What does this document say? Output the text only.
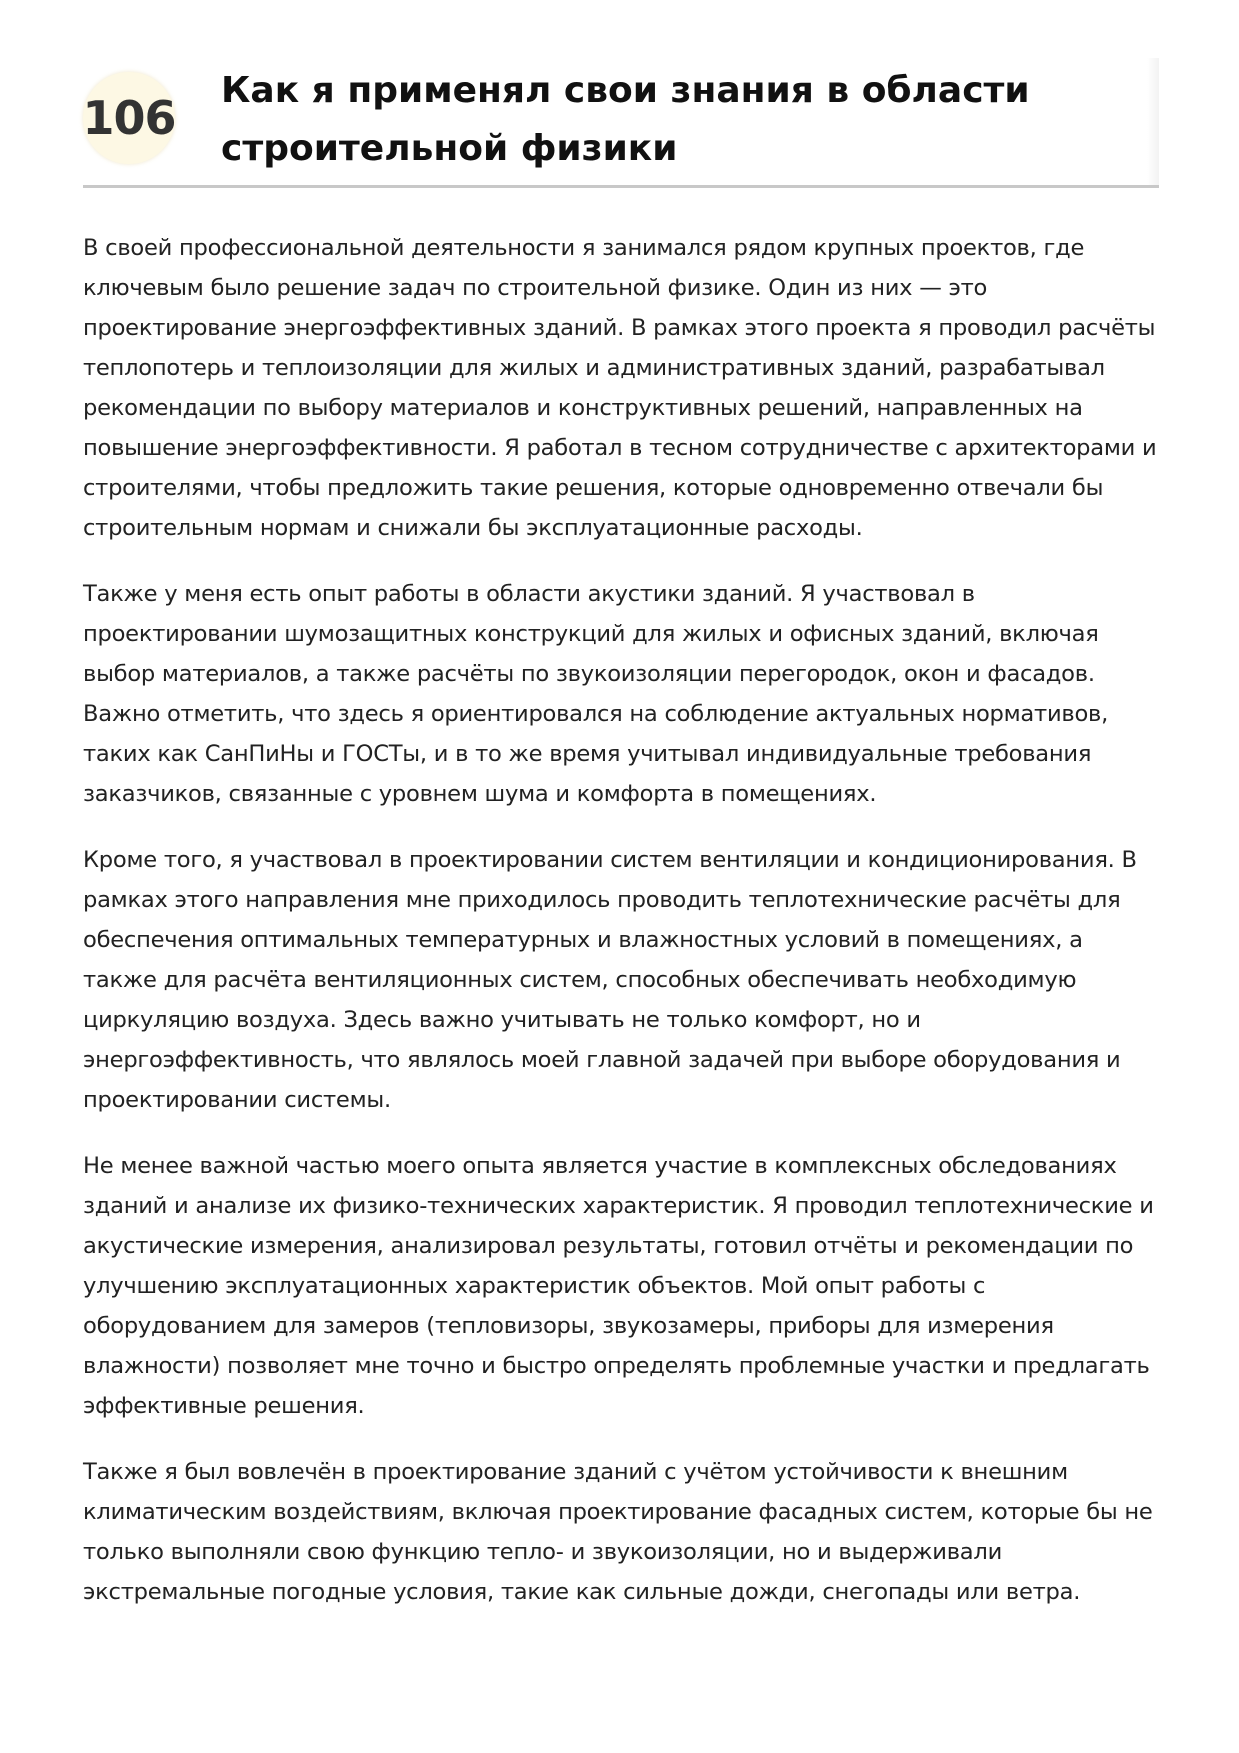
106
Как я применял свои знания в области строительной физики

В своей профессиональной деятельности я занимался рядом крупных проектов, где ключевым было решение задач по строительной физике. Один из них — это проектирование энергоэффективных зданий. В рамках этого проекта я проводил расчёты теплопотерь и теплоизоляции для жилых и административных зданий, разрабатывал рекомендации по выбору материалов и конструктивных решений, направленных на повышение энергоэффективности. Я работал в тесном сотрудничестве с архитекторами и строителями, чтобы предложить такие решения, которые одновременно отвечали бы строительным нормам и снижали бы эксплуатационные расходы.

Также у меня есть опыт работы в области акустики зданий. Я участвовал в проектировании шумозащитных конструкций для жилых и офисных зданий, включая выбор материалов, а также расчёты по звукоизоляции перегородок, окон и фасадов. Важно отметить, что здесь я ориентировался на соблюдение актуальных нормативов, таких как СанПиНы и ГОСТы, и в то же время учитывал индивидуальные требования заказчиков, связанные с уровнем шума и комфорта в помещениях.

Кроме того, я участвовал в проектировании систем вентиляции и кондиционирования. В рамках этого направления мне приходилось проводить теплотехнические расчёты для обеспечения оптимальных температурных и влажностных условий в помещениях, а также для расчёта вентиляционных систем, способных обеспечивать необходимую циркуляцию воздуха. Здесь важно учитывать не только комфорт, но и энергоэффективность, что являлось моей главной задачей при выборе оборудования и проектировании системы.

Не менее важной частью моего опыта является участие в комплексных обследованиях зданий и анализе их физико-технических характеристик. Я проводил теплотехнические и акустические измерения, анализировал результаты, готовил отчёты и рекомендации по улучшению эксплуатационных характеристик объектов. Мой опыт работы с оборудованием для замеров (тепловизоры, звукозамеры, приборы для измерения влажности) позволяет мне точно и быстро определять проблемные участки и предлагать эффективные решения.

Также я был вовлечён в проектирование зданий с учётом устойчивости к внешним климатическим воздействиям, включая проектирование фасадных систем, которые бы не только выполняли свою функцию тепло- и звукоизоляции, но и выдерживали экстремальные погодные условия, такие как сильные дожди, снегопады или ветра.
